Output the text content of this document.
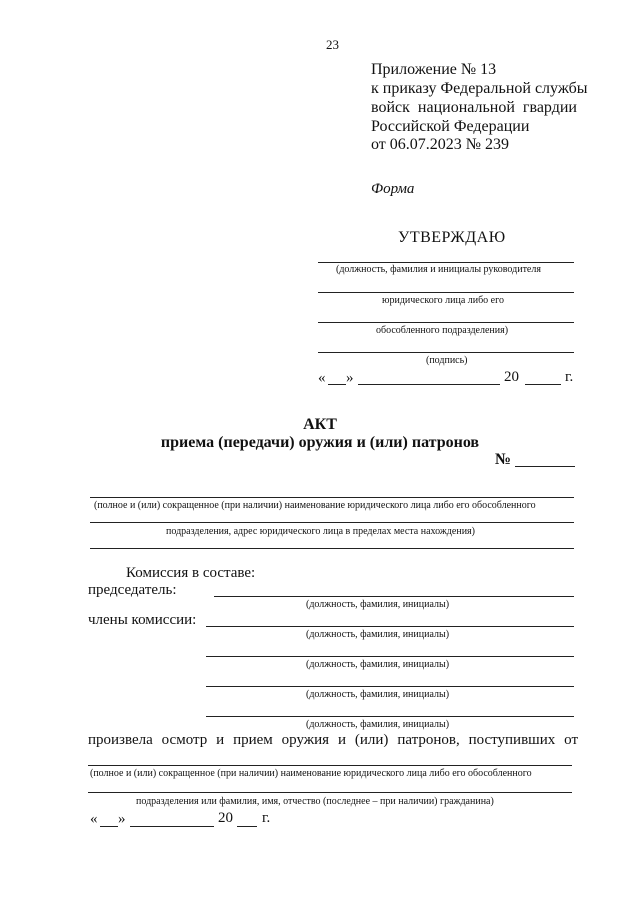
23
Приложение № 13
к приказу Федеральной службы
войск национальной гвардии
Российской Федерации
от 06.07.2023 № 239
Форма
УТВЕРЖДАЮ
(должность, фамилия и инициалы руководителя
юридического лица либо его
обособленного подразделения)
(подпись)
« »	20	г.
АКТ
приема (передачи) оружия и (или) патронов
№
(полное и (или) сокращенное (при наличии) наименование юридического лица либо его обособленного
подразделения, адрес юридического лица в пределах места нахождения)
Комиссия в составе:
председатель:
(должность, фамилия, инициалы)
члены комиссии:
(должность, фамилия, инициалы)
(должность, фамилия, инициалы)
(должность, фамилия, инициалы)
(должность, фамилия, инициалы)
произвела осмотр и прием оружия и (или) патронов, поступивших от
(полное и (или) сокращенное (при наличии) наименование юридического лица либо его обособленного
подразделения или фамилия, имя, отчество (последнее – при наличии) гражданина)
« »	20 г.
